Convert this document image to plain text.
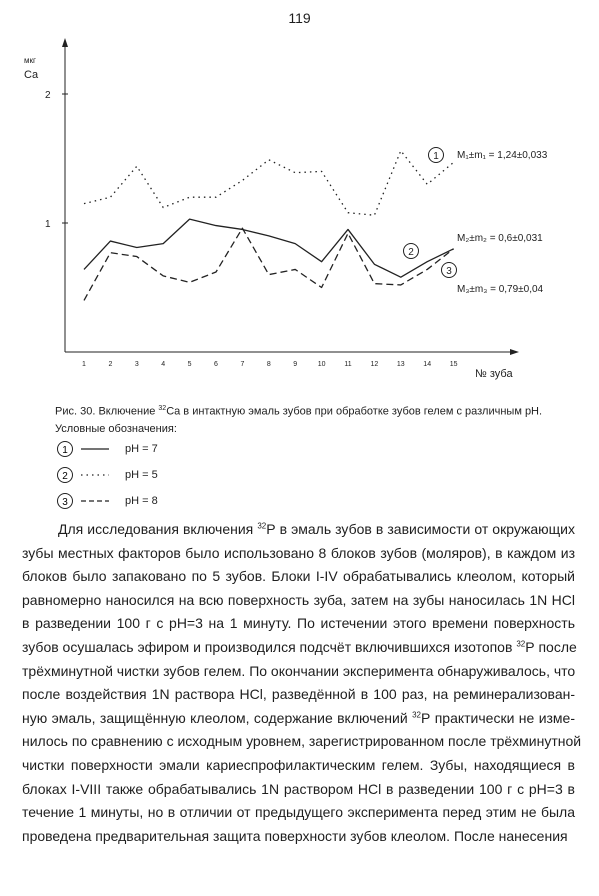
119
мкг
Ca
№ зуба
1
2
1	2	3	4	5	6	7	8	9	10	11	12	13	14	15
1 M₁±m₁ = 1,24±0,033
2
M₂±m₂ = 0,6±0,031
3
M₃±m₃ = 0,79±0,04
Рис. 30. Включение $^{32}$Ca в интактную эмаль зубов при обработке зубов гелем с различным рН.
Условные обозначения:
1	pH = 7
2	pH = 5
3	pH = 8
Для исследования включения $^{32}$Р в эмаль зубов в зависимости от окружающих
зубы местных факторов было использовано 8 блоков зубов (моляров), в каждом из
блоков было запаковано по 5 зубов. Блоки I-IV обрабатывались клеолом, который
равномерно наносился на всю поверхность зуба, затем на зубы наносилась 1N HCl
в разведении 100 г с рН=3 на 1 минуту. По истечении этого времени поверхность
зубов осушалась эфиром и производился подсчёт включившихся изотопов $^{32}$Р после
трёхминутной чистки зубов гелем. По окончании эксперимента обнаруживалось, что
после воздействия 1N раствора HCl, разведённой в 100 раз, на реминерализован-
ную эмаль, защищённую клеолом, содержание включений $^{32}$Р практически не изме-
нилось по сравнению с исходным уровнем, зарегистрированном после трёхминутной
чистки поверхности эмали кариеспрофилактическим гелем. Зубы, находящиеся в
блоках I-VIII также обрабатывались 1N раствором HCl в разведении 100 г с рН=3 в
течение 1 минуты, но в отличии от предыдущего эксперимента перед этим не была
проведена предварительная защита поверхности зубов клеолом. После нанесения
